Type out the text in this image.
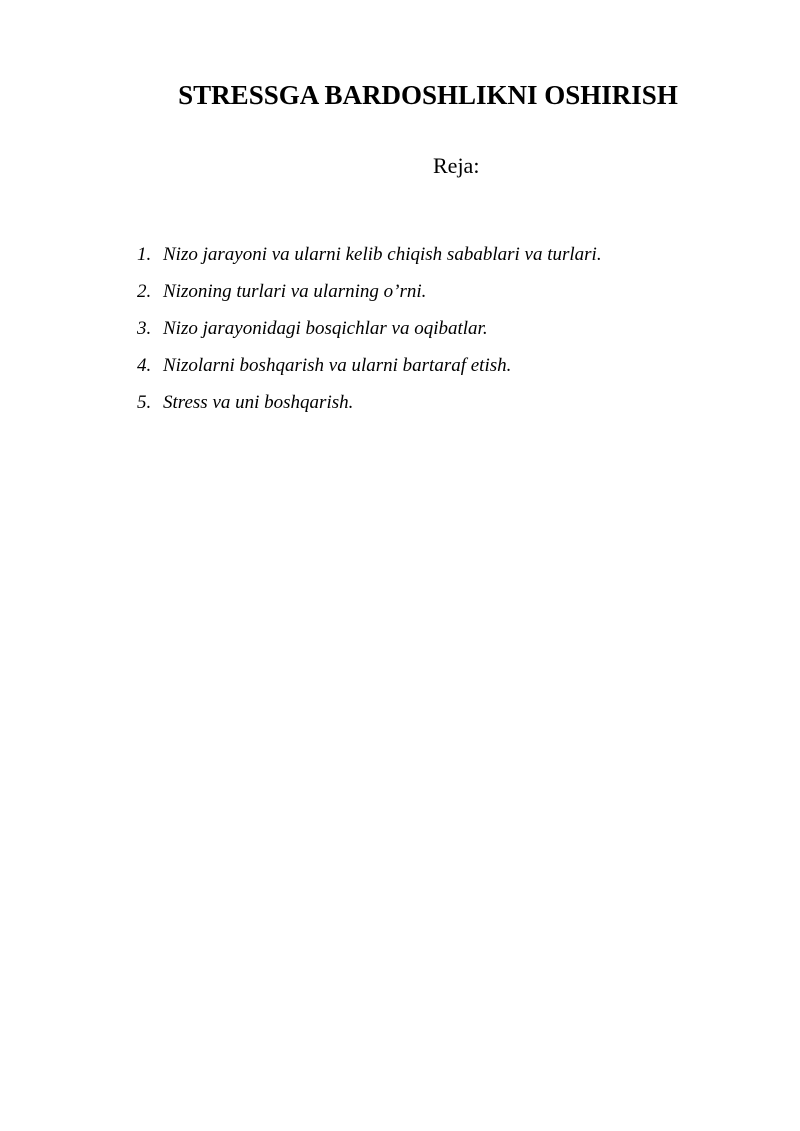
STRESSGA BARDOSHLIKNI OSHIRISH
Reja:
1. Nizo jarayoni va ularni kelib chiqish sabablari va turlari.
2. Nizoning turlari va ularning o’rni.
3. Nizo jarayonidagi bosqichlar va oqibatlar.
4. Nizolarni boshqarish va ularni bartaraf etish.
5. Stress va uni boshqarish.
